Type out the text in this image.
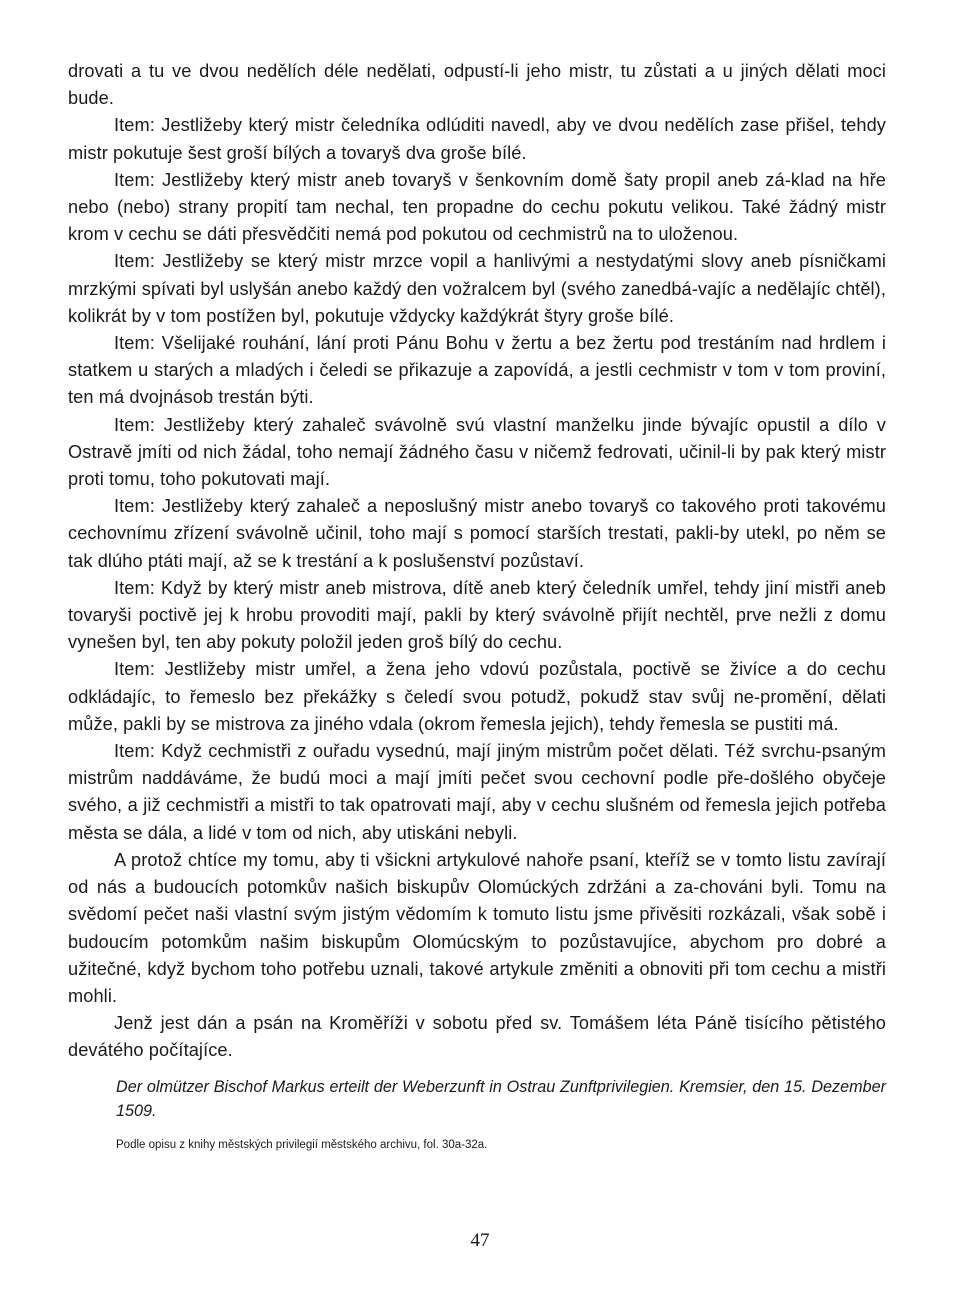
drovati a tu ve dvou nedělích déle nedělati, odpustí-li jeho mistr, tu zůstati a u jiných dělati moci bude.

Item: Jestližeby který mistr čeledníka odlúditi navedl, aby ve dvou nedělích zase přišel, tehdy mistr pokutuje šest groší bílých a tovaryš dva groše bílé.

Item: Jestližeby který mistr aneb tovaryš v šenkovním domě šaty propil aneb zá-klad na hře nebo (nebo) strany propití tam nechal, ten propadne do cechu pokutu velikou. Také žádný mistr krom v cechu se dáti přesvědčiti nemá pod pokutou od cechmistrů na to uloženou.

Item: Jestližeby se který mistr mrzce vopil a hanlivými a nestydatými slovy aneb písničkami mrzkými spívati byl uslyšán anebo každý den vožralcem byl (svého zanedbá-vajíc a nedělajíc chtěl), kolikrát by v tom postížen byl, pokutuje vždycky každýkrát štyry groše bílé.

Item: Všelijaké rouhání, lání proti Pánu Bohu v žertu a bez žertu pod trestáním nad hrdlem i statkem u starých a mladých i čeledi se přikazuje a zapovídá, a jestli cechmistr v tom v tom proviní, ten má dvojnásob trestán býti.

Item: Jestližeby který zahaleč svávolně svú vlastní manželku jinde bývajíc opustil a dílo v Ostravě jmíti od nich žádal, toho nemají žádného času v ničemž fedrovati, učinil-li by pak který mistr proti tomu, toho pokutovati mají.

Item: Jestližeby který zahaleč a neposlušný mistr anebo tovaryš co takového proti takovému cechovnímu zřízení svávolně učinil, toho mají s pomocí starších trestati, pakli-by utekl, po něm se tak dlúho ptáti mají, až se k trestání a k poslušenství pozůstaví.

Item: Když by který mistr aneb mistrova, dítě aneb který čeledník umřel, tehdy jiní mistři aneb tovaryši poctivě jej k hrobu provoditi mají, pakli by který svávolně přijít nechtěl, prve nežli z domu vynešen byl, ten aby pokuty položil jeden groš bílý do cechu.

Item: Jestližeby mistr umřel, a žena jeho vdovú pozůstala, poctivě se živíce a do cechu odkládajíc, to řemeslo bez překážky s čeledí svou potudž, pokudž stav svůj ne-promění, dělati může, pakli by se mistrova za jiného vdala (okrom řemesla jejich), tehdy řemesla se pustiti má.

Item: Když cechmistři z ouřadu vysednú, mají jiným mistrům počet dělati. Též svrchu-psaným mistrům naddáváme, že budú moci a mají jmíti pečet svou cechovní podle pře-došlého obyčeje svého, a již cechmistři a mistři to tak opatrovati mají, aby v cechu slušném od řemesla jejich potřeba města se dála, a lidé v tom od nich, aby utiskáni nebyli.

A protož chtíce my tomu, aby ti všickni artykulové nahoře psaní, kteříž se v tomto listu zavírají od nás a budoucích potomkův našich biskupův Olomúckých zdržáni a za-chováni byli. Tomu na svědomí pečet naši vlastní svým jistým vědomím k tomuto listu jsme přivěsiti rozkázali, však sobě i budoucím potomkům našim biskupům Olomúcským to pozůstavujíce, abychom pro dobré a užitečné, když bychom toho potřebu uznali, takové artykule změniti a obnoviti při tom cechu a mistři mohli.

Jenž jest dán a psán na Kroměříži v sobotu před sv. Tomášem léta Páně tisícího pětistého devátého počítajíce.

Der olmützer Bischof Markus erteilt der Weberzunft in Ostrau Zunftprivilegien. Kremsier, den 15. Dezember 1509.
Podle opisu z knihy městských privilegií městského archivu, fol. 30a-32a.
47
